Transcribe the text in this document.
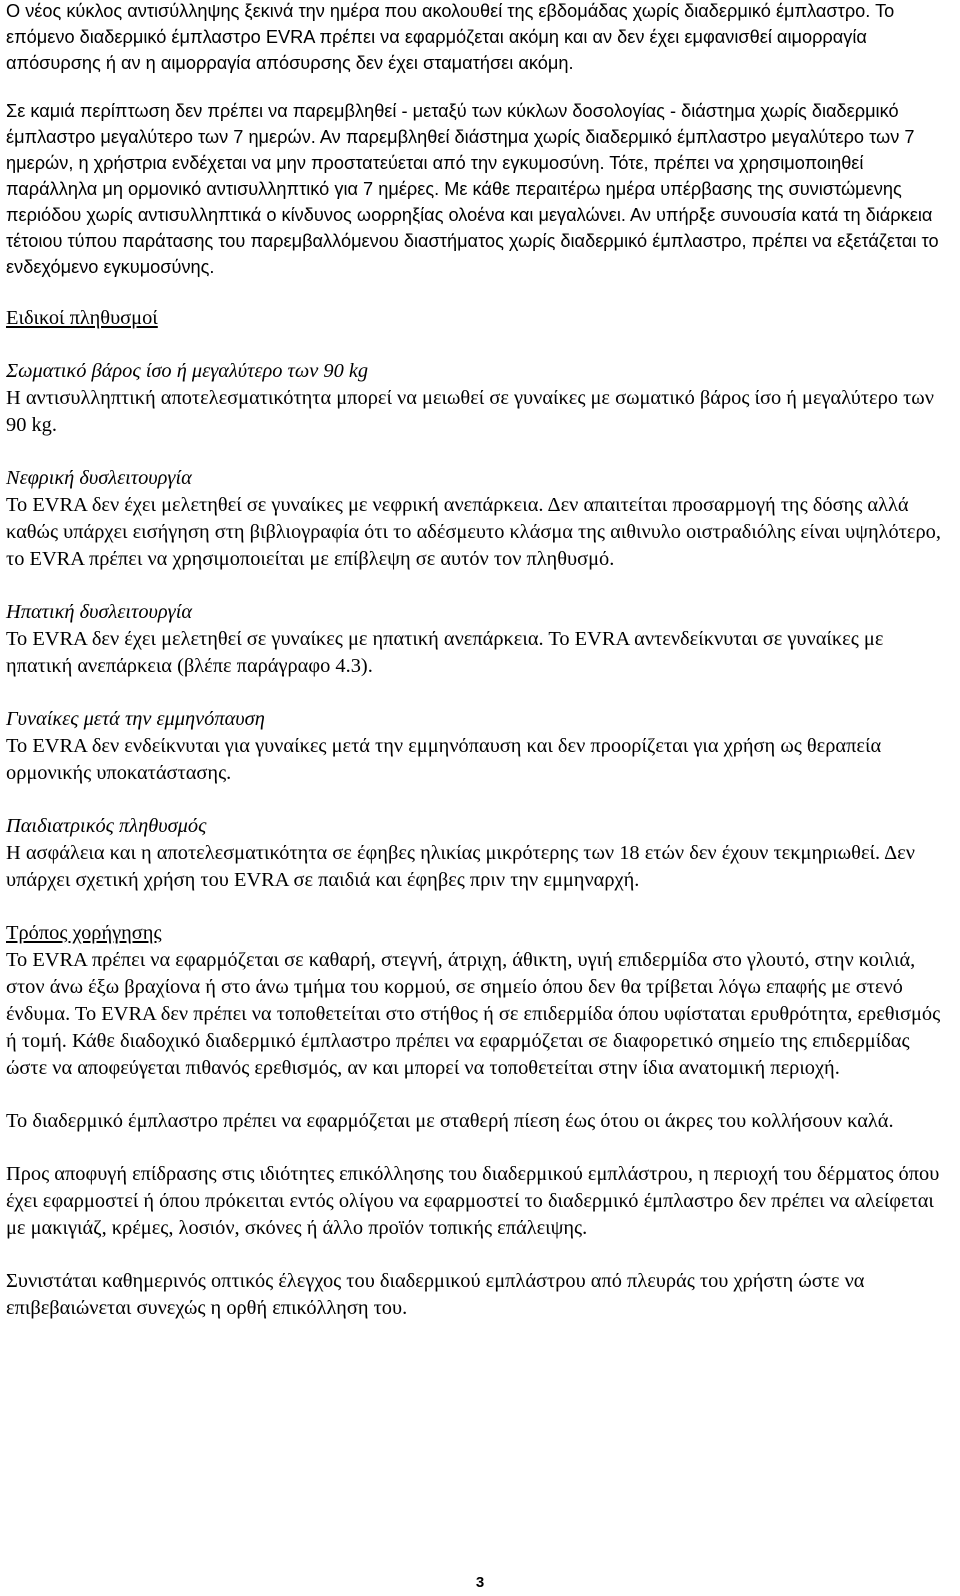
Ο νέος κύκλος αντισύλληψης ξεκινά την ημέρα που ακολουθεί της εβδομάδας χωρίς διαδερμικό έμπλαστρο. Το επόμενο διαδερμικό έμπλαστρο EVRA πρέπει να εφαρμόζεται ακόμη και αν δεν έχει εμφανισθεί αιμορραγία απόσυρσης ή αν η αιμορραγία απόσυρσης δεν έχει σταματήσει ακόμη.

Σε καμιά περίπτωση δεν πρέπει να παρεμβληθεί - μεταξύ των κύκλων δοσολογίας - διάστημα χωρίς διαδερμικό έμπλαστρο μεγαλύτερο των 7 ημερών. Αν παρεμβληθεί διάστημα χωρίς διαδερμικό έμπλαστρο μεγαλύτερο των 7 ημερών, η χρήστρια ενδέχεται να μην προστατεύεται από την εγκυμοσύνη. Τότε, πρέπει να χρησιμοποιηθεί παράλληλα μη ορμονικό αντισυλληπτικό για 7 ημέρες. Με κάθε περαιτέρω ημέρα υπέρβασης της συνιστώμενης περιόδου χωρίς αντισυλληπτικά ο κίνδυνος ωορρηξίας ολοένα και μεγαλώνει. Αν υπήρξε συνουσία κατά τη διάρκεια τέτοιου τύπου παράτασης του παρεμβαλλόμενου διαστήματος χωρίς διαδερμικό έμπλαστρο, πρέπει να εξετάζεται το ενδεχόμενο εγκυμοσύνης.

Ειδικοί πληθυσμοί

Σωματικό βάρος ίσο ή μεγαλύτερο των 90 kg

Η αντισυλληπτική αποτελεσματικότητα μπορεί να μειωθεί σε γυναίκες με σωματικό βάρος ίσο ή μεγαλύτερο των 90 kg.

Νεφρική δυσλειτουργία

Το EVRA δεν έχει μελετηθεί σε γυναίκες με νεφρική ανεπάρκεια. Δεν απαιτείται προσαρμογή της δόσης αλλά καθώς υπάρχει εισήγηση στη βιβλιογραφία ότι το αδέσμευτο κλάσμα της αιθινυλο οιστραδιόλης είναι υψηλότερο, το EVRA πρέπει να χρησιμοποιείται με επίβλεψη σε αυτόν τον πληθυσμό.

Ηπατική δυσλειτουργία

Το EVRA δεν έχει μελετηθεί σε γυναίκες με ηπατική ανεπάρκεια. Το EVRA αντενδείκνυται σε γυναίκες με ηπατική ανεπάρκεια (βλέπε παράγραφο 4.3).

Γυναίκες μετά την εμμηνόπαυση

Το EVRA δεν ενδείκνυται για γυναίκες μετά την εμμηνόπαυση και δεν προορίζεται για χρήση ως θεραπεία ορμονικής υποκατάστασης.

Παιδιατρικός πληθυσμός

Η ασφάλεια και η αποτελεσματικότητα σε έφηβες ηλικίας μικρότερης των 18 ετών δεν έχουν τεκμηριωθεί. Δεν υπάρχει σχετική χρήση του EVRA σε παιδιά και έφηβες πριν την εμμηναρχή.

Τρόπος χορήγησης

Το EVRA πρέπει να εφαρμόζεται σε καθαρή, στεγνή, άτριχη, άθικτη, υγιή επιδερμίδα στο γλουτό, στην κοιλιά, στον άνω έξω βραχίονα ή στο άνω τμήμα του κορμού, σε σημείο όπου δεν θα τρίβεται λόγω επαφής με στενό ένδυμα. Το EVRA δεν πρέπει να τοποθετείται στο στήθος ή σε επιδερμίδα όπου υφίσταται ερυθρότητα, ερεθισμός ή τομή. Κάθε διαδοχικό διαδερμικό έμπλαστρο πρέπει να εφαρμόζεται σε διαφορετικό σημείο της επιδερμίδας ώστε να αποφεύγεται πιθανός ερεθισμός, αν και μπορεί να τοποθετείται στην ίδια ανατομική περιοχή.

Το διαδερμικό έμπλαστρο πρέπει να εφαρμόζεται με σταθερή πίεση έως ότου οι άκρες του κολλήσουν καλά.

Προς αποφυγή επίδρασης στις ιδιότητες επικόλλησης του διαδερμικού εμπλάστρου, η περιοχή του δέρματος όπου έχει εφαρμοστεί ή όπου πρόκειται εντός ολίγου να εφαρμοστεί το διαδερμικό έμπλαστρο δεν πρέπει να αλείφεται με μακιγιάζ, κρέμες, λοσιόν, σκόνες ή άλλο προϊόν τοπικής επάλειψης.

Συνιστάται καθημερινός οπτικός έλεγχος του διαδερμικού εμπλάστρου από πλευράς του χρήστη ώστε να επιβεβαιώνεται συνεχώς η ορθή επικόλληση του.

3
